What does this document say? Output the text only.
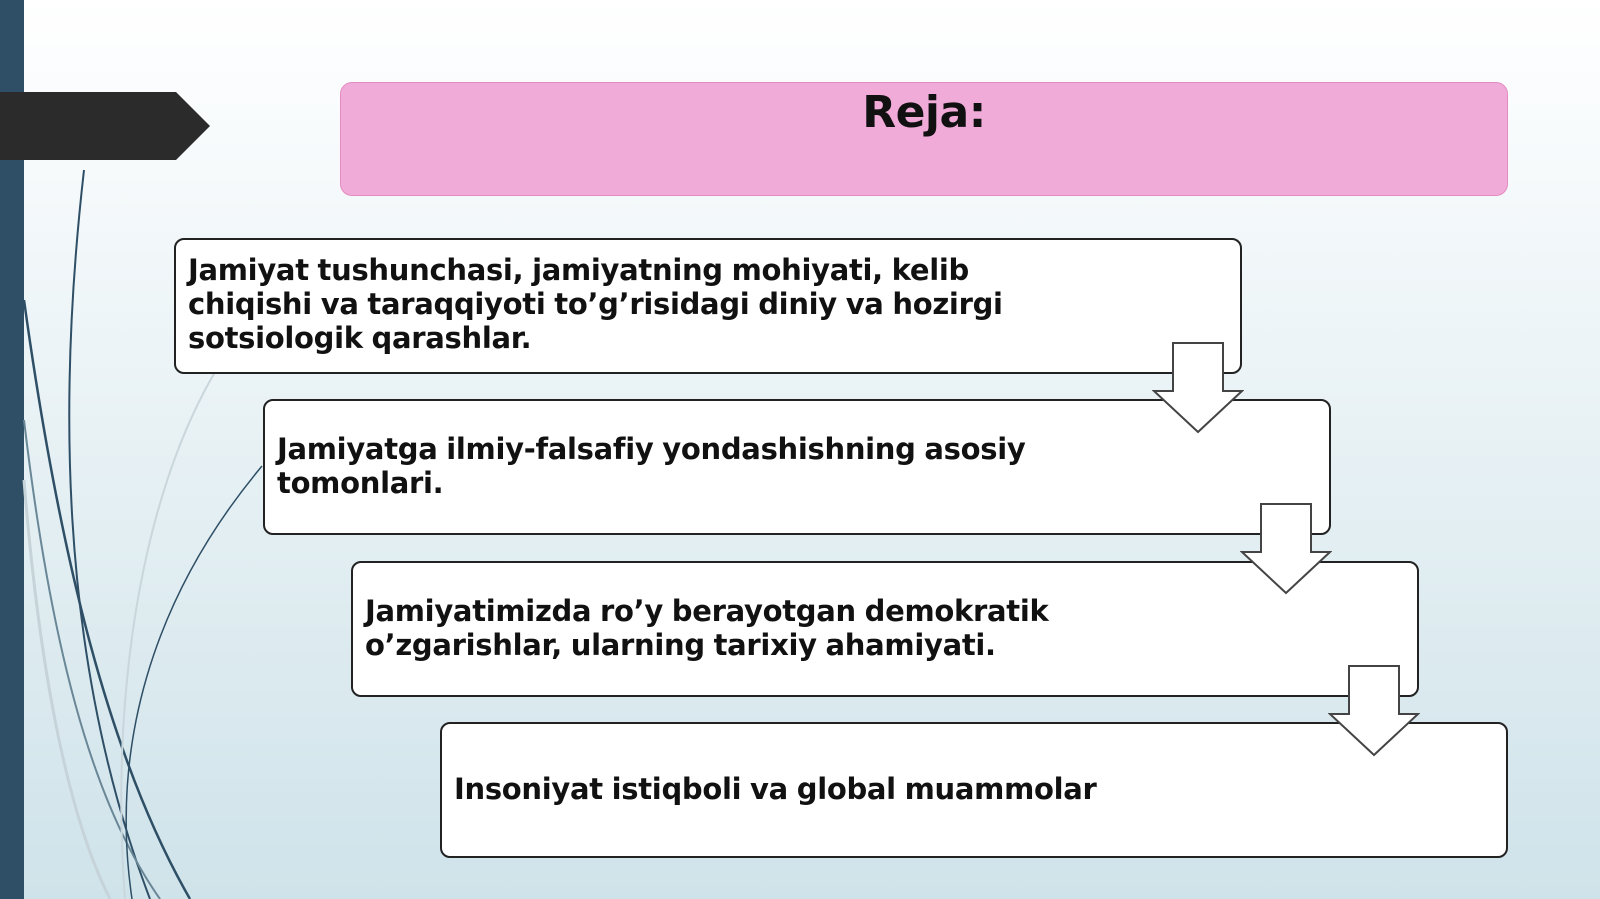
Reja:
Jamiyat tushunchasi, jamiyatning mohiyati, kelib chiqishi va taraqqiyoti to’g’risidagi diniy va hozirgi sotsiologik qarashlar.
Jamiyatga ilmiy-falsafiy yondashishning asosiy tomonlari.
Jamiyatimizda ro’y berayotgan demokratik o’zgarishlar, ularning tarixiy ahamiyati.
Insoniyat istiqboli va global muammolar
